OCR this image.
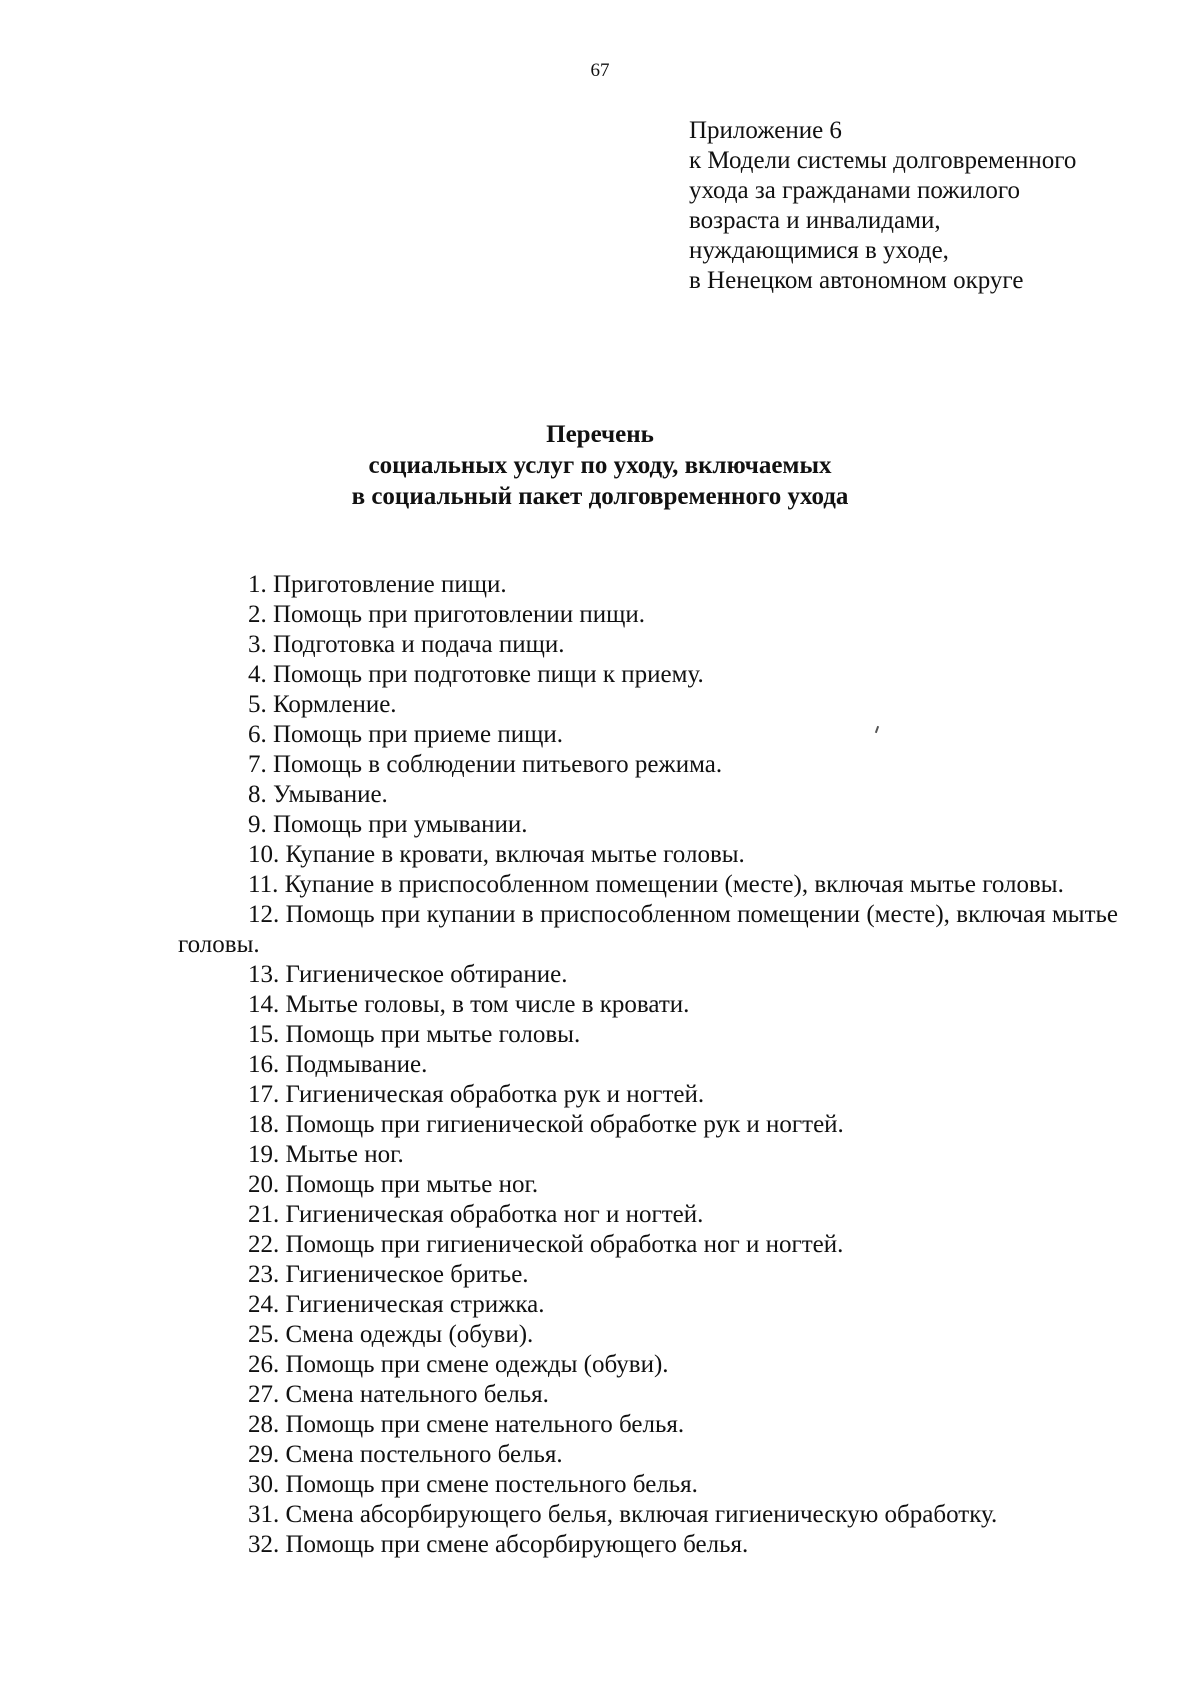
67
Приложение 6
к Модели системы долговременного
ухода за гражданами пожилого
возраста и инвалидами,
нуждающимися в уходе,
в Ненецком автономном округе
Перечень
социальных услуг по уходу, включаемых
в социальный пакет долговременного ухода
1. Приготовление пищи.
2. Помощь при приготовлении пищи.
3. Подготовка и подача пищи.
4. Помощь при подготовке пищи к приему.
5. Кормление.
6. Помощь при приеме пищи.
7. Помощь в соблюдении питьевого режима.
8. Умывание.
9. Помощь при умывании.
10. Купание в кровати, включая мытье головы.
11. Купание в приспособленном помещении (месте), включая мытье головы.
12. Помощь при купании в приспособленном помещении (месте), включая мытье головы.
13. Гигиеническое обтирание.
14. Мытье головы, в том числе в кровати.
15. Помощь при мытье головы.
16. Подмывание.
17. Гигиеническая обработка рук и ногтей.
18. Помощь при гигиенической обработке рук и ногтей.
19. Мытье ног.
20. Помощь при мытье ног.
21. Гигиеническая обработка ног и ногтей.
22. Помощь при гигиенической обработка ног и ногтей.
23. Гигиеническое бритье.
24. Гигиеническая стрижка.
25. Смена одежды (обуви).
26. Помощь при смене одежды (обуви).
27. Смена нательного белья.
28. Помощь при смене нательного белья.
29. Смена постельного белья.
30. Помощь при смене постельного белья.
31. Смена абсорбирующего белья, включая гигиеническую обработку.
32. Помощь при смене абсорбирующего белья.
